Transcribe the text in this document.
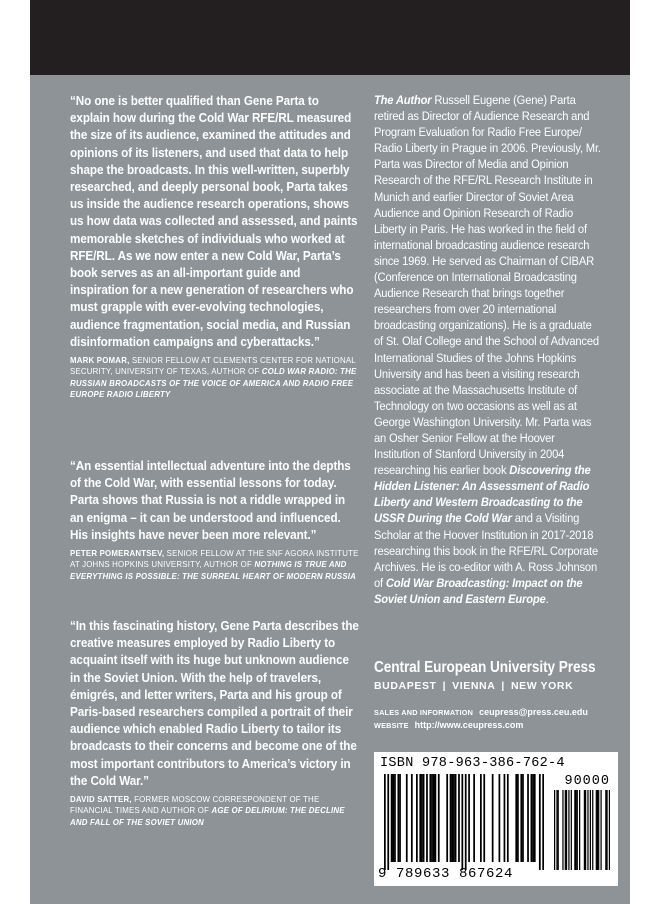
“No one is better qualified than Gene Parta to explain how during the Cold War RFE/RL measured the size of its audience, examined the attitudes and opinions of its listeners, and used that data to help shape the broadcasts. In this well-written, superbly researched, and deeply personal book, Parta takes us inside the audience research operations, shows us how data was collected and assessed, and paints memorable sketches of individuals who worked at RFE/RL. As we now enter a new Cold War, Parta’s book serves as an all-important guide and inspiration for a new generation of researchers who must grapple with ever-evolving technologies, audience fragmentation, social media, and Russian disinformation campaigns and cyberattacks.”

MARK POMAR, SENIOR FELLOW AT CLEMENTS CENTER FOR NATIONAL SECURITY, UNIVERSITY OF TEXAS, AUTHOR OF COLD WAR RADIO: THE RUSSIAN BROADCASTS OF THE VOICE OF AMERICA AND RADIO FREE EUROPE RADIO LIBERTY

“An essential intellectual adventure into the depths of the Cold War, with essential lessons for today. Parta shows that Russia is not a riddle wrapped in an enigma – it can be understood and influenced. His insights have never been more relevant.”

PETER POMERANTSEV, SENIOR FELLOW AT THE SNF AGORA INSTITUTE AT JOHNS HOPKINS UNIVERSITY, AUTHOR OF NOTHING IS TRUE AND EVERYTHING IS POSSIBLE: THE SURREAL HEART OF MODERN RUSSIA

“In this fascinating history, Gene Parta describes the creative measures employed by Radio Liberty to acquaint itself with its huge but unknown audience in the Soviet Union. With the help of travelers, émigrés, and letter writers, Parta and his group of Paris-based researchers compiled a portrait of their audience which enabled Radio Liberty to tailor its broadcasts to their concerns and become one of the most important contributors to America’s victory in the Cold War.”

DAVID SATTER, FORMER MOSCOW CORRESPONDENT OF THE FINANCIAL TIMES AND AUTHOR OF AGE OF DELIRIUM: THE DECLINE AND FALL OF THE SOVIET UNION

The Author Russell Eugene (Gene) Parta retired as Director of Audience Research and Program Evaluation for Radio Free Europe/ Radio Liberty in Prague in 2006. Previously, Mr. Parta was Director of Media and Opinion Research of the RFE/RL Research Institute in Munich and earlier Director of Soviet Area Audience and Opinion Research of Radio Liberty in Paris. He has worked in the field of international broadcasting audience research since 1969. He served as Chairman of CIBAR (Conference on International Broadcasting Audience Research that brings together researchers from over 20 international broadcasting organizations). He is a graduate of St. Olaf College and the School of Advanced International Studies of the Johns Hopkins University and has been a visiting research associate at the Massachusetts Institute of Technology on two occasions as well as at George Washington University. Mr. Parta was an Osher Senior Fellow at the Hoover Institution of Stanford University in 2004 researching his earlier book Discovering the Hidden Listener: An Assessment of Radio Liberty and Western Broadcasting to the USSR During the Cold War and a Visiting Scholar at the Hoover Institution in 2017-2018 researching this book in the RFE/RL Corporate Archives. He is co-editor with A. Ross Johnson of Cold War Broadcasting: Impact on the Soviet Union and Eastern Europe.

Central European University Press

BUDAPEST | VIENNA | NEW YORK

SALES AND INFORMATION ceupress@press.ceu.edu
WEBSITE http://www.ceupress.com
ISBN 978-963-386-762-4
90000
9 789633 867624
